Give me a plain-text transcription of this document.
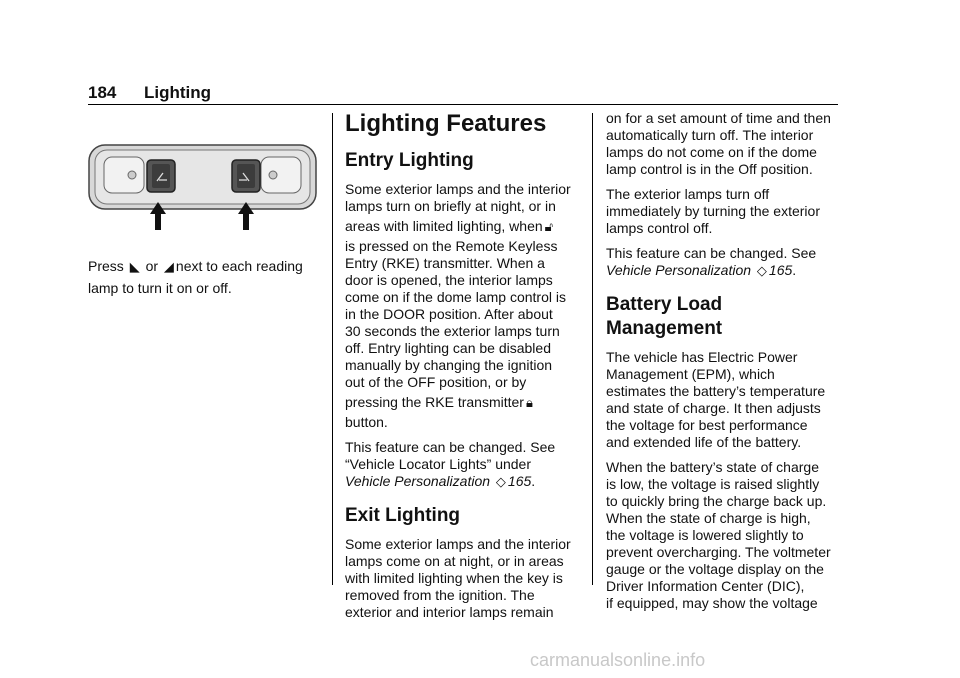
184 Lighting

Press ◣ or ◢ next to each reading
lamp to turn it on or off.

Lighting Features
Entry Lighting

Some exterior lamps and the interior
lamps turn on briefly at night, or in
areas with limited lighting, when 🔓︎
is pressed on the Remote Keyless
Entry (RKE) transmitter. When a
door is opened, the interior lamps
come on if the dome lamp control is
in the DOOR position. After about
30 seconds the exterior lamps turn
off. Entry lighting can be disabled
manually by changing the ignition
out of the OFF position, or by
pressing the RKE transmitter 🔒︎
button.

This feature can be changed. See
“Vehicle Locator Lights” under
Vehicle Personalization ◇ 165.

Exit Lighting

Some exterior lamps and the interior
lamps come on at night, or in areas
with limited lighting when the key is
removed from the ignition. The
exterior and interior lamps remain

on for a set amount of time and then
automatically turn off. The interior
lamps do not come on if the dome
lamp control is in the Off position.

The exterior lamps turn off
immediately by turning the exterior
lamps control off.

This feature can be changed. See
Vehicle Personalization ◇ 165.

Battery Load
Management

The vehicle has Electric Power
Management (EPM), which
estimates the battery’s temperature
and state of charge. It then adjusts
the voltage for best performance
and extended life of the battery.

When the battery’s state of charge
is low, the voltage is raised slightly
to quickly bring the charge back up.
When the state of charge is high,
the voltage is lowered slightly to
prevent overcharging. The voltmeter
gauge or the voltage display on the
Driver Information Center (DIC),
if equipped, may show the voltage

carmanualsonline.info
